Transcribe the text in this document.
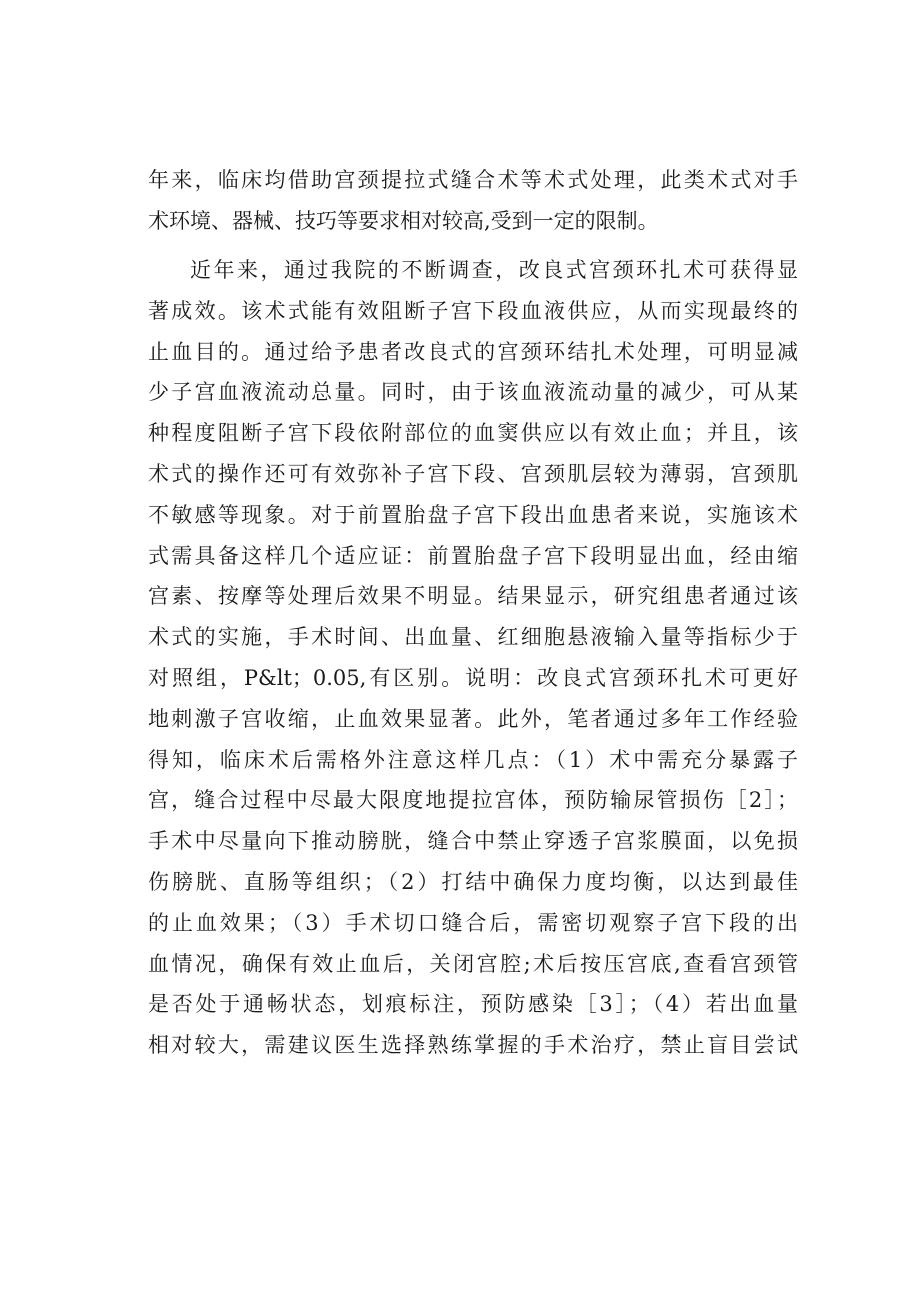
年来，临床均借助宫颈提拉式缝合术等术式处理，此类术式对手
术环境、器械、技巧等要求相对较高,受到一定的限制。
近年来，通过我院的不断调查，改良式宫颈环扎术可获得显
著成效。该术式能有效阻断子宫下段血液供应，从而实现最终的
止血目的。通过给予患者改良式的宫颈环结扎术处理，可明显减
少子宫血液流动总量。同时，由于该血液流动量的减少，可从某
种程度阻断子宫下段依附部位的血窦供应以有效止血；并且，该
术式的操作还可有效弥补子宫下段、宫颈肌层较为薄弱，宫颈肌
不敏感等现象。对于前置胎盘子宫下段出血患者来说，实施该术
式需具备这样几个适应证：前置胎盘子宫下段明显出血，经由缩
宫素、按摩等处理后效果不明显。结果显示，研究组患者通过该
术式的实施，手术时间、出血量、红细胞悬液输入量等指标少于
对照组，P&lt；0.05,有区别。说明：改良式宫颈环扎术可更好
地刺激子宫收缩，止血效果显著。此外，笔者通过多年工作经验
得知，临床术后需格外注意这样几点：（1）术中需充分暴露子
宫，缝合过程中尽最大限度地提拉宫体，预防输尿管损伤［2］；
手术中尽量向下推动膀胱，缝合中禁止穿透子宫浆膜面，以免损
伤膀胱、直肠等组织；（2）打结中确保力度均衡，以达到最佳
的止血效果；（3）手术切口缝合后，需密切观察子宫下段的出
血情况，确保有效止血后，关闭宫腔;术后按压宫底,查看宫颈管
是否处于通畅状态，划痕标注，预防感染［3］；（4）若出血量
相对较大，需建议医生选择熟练掌握的手术治疗，禁止盲目尝试
